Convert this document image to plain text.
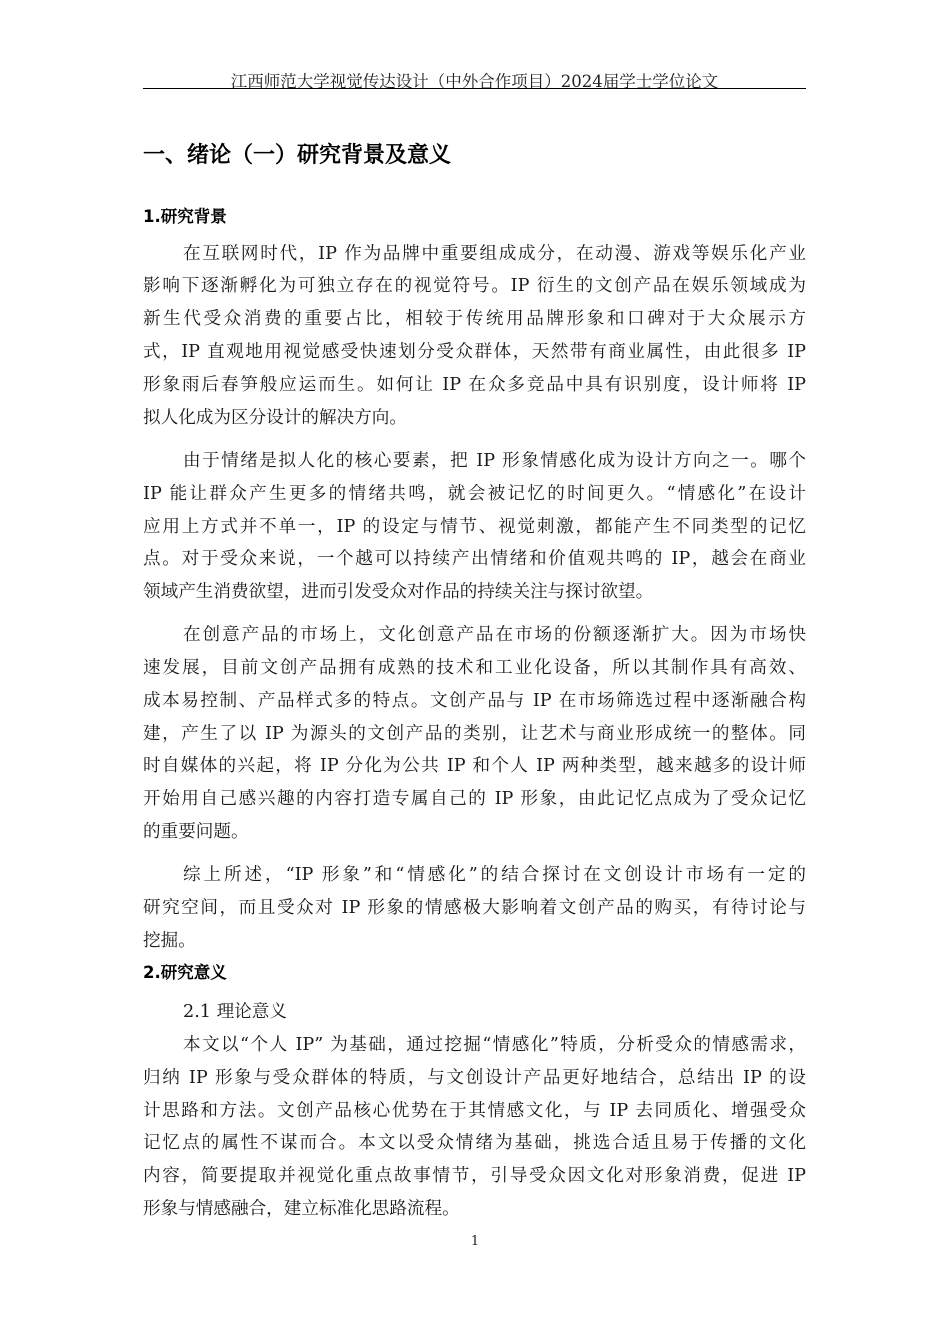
江西师范大学视觉传达设计（中外合作项目）2024届学士学位论文
一、绪论（一）研究背景及意义
1.研究背景
在互联网时代，IP 作为品牌中重要组成成分，在动漫、游戏等娱乐化产业
影响下逐渐孵化为可独立存在的视觉符号。IP 衍生的文创产品在娱乐领域成为
新生代受众消费的重要占比，相较于传统用品牌形象和口碑对于大众展示方
式，IP 直观地用视觉感受快速划分受众群体，天然带有商业属性，由此很多 IP
形象雨后春笋般应运而生。如何让 IP 在众多竞品中具有识别度，设计师将 IP
拟人化成为区分设计的解决方向。
由于情绪是拟人化的核心要素，把 IP 形象情感化成为设计方向之一。哪个
IP 能让群众产生更多的情绪共鸣，就会被记忆的时间更久。“情感化”在设计
应用上方式并不单一，IP 的设定与情节、视觉刺激，都能产生不同类型的记忆
点。对于受众来说，一个越可以持续产出情绪和价值观共鸣的 IP，越会在商业
领域产生消费欲望，进而引发受众对作品的持续关注与探讨欲望。
在创意产品的市场上，文化创意产品在市场的份额逐渐扩大。因为市场快
速发展，目前文创产品拥有成熟的技术和工业化设备，所以其制作具有高效、
成本易控制、产品样式多的特点。文创产品与 IP 在市场筛选过程中逐渐融合构
建，产生了以 IP 为源头的文创产品的类别，让艺术与商业形成统一的整体。同
时自媒体的兴起，将 IP 分化为公共 IP 和个人 IP 两种类型，越来越多的设计师
开始用自己感兴趣的内容打造专属自己的 IP 形象，由此记忆点成为了受众记忆
的重要问题。
综上所述，“IP 形象”和“情感化”的结合探讨在文创设计市场有一定的
研究空间，而且受众对 IP 形象的情感极大影响着文创产品的购买，有待讨论与
挖掘。
2.研究意义
2.1 理论意义
本文以“个人 IP” 为基础，通过挖掘“情感化”特质，分析受众的情感需求，
归纳 IP 形象与受众群体的特质，与文创设计产品更好地结合，总结出 IP 的设
计思路和方法。文创产品核心优势在于其情感文化，与 IP 去同质化、增强受众
记忆点的属性不谋而合。本文以受众情绪为基础，挑选合适且易于传播的文化
内容，简要提取并视觉化重点故事情节，引导受众因文化对形象消费，促进 IP
形象与情感融合，建立标准化思路流程。
1
